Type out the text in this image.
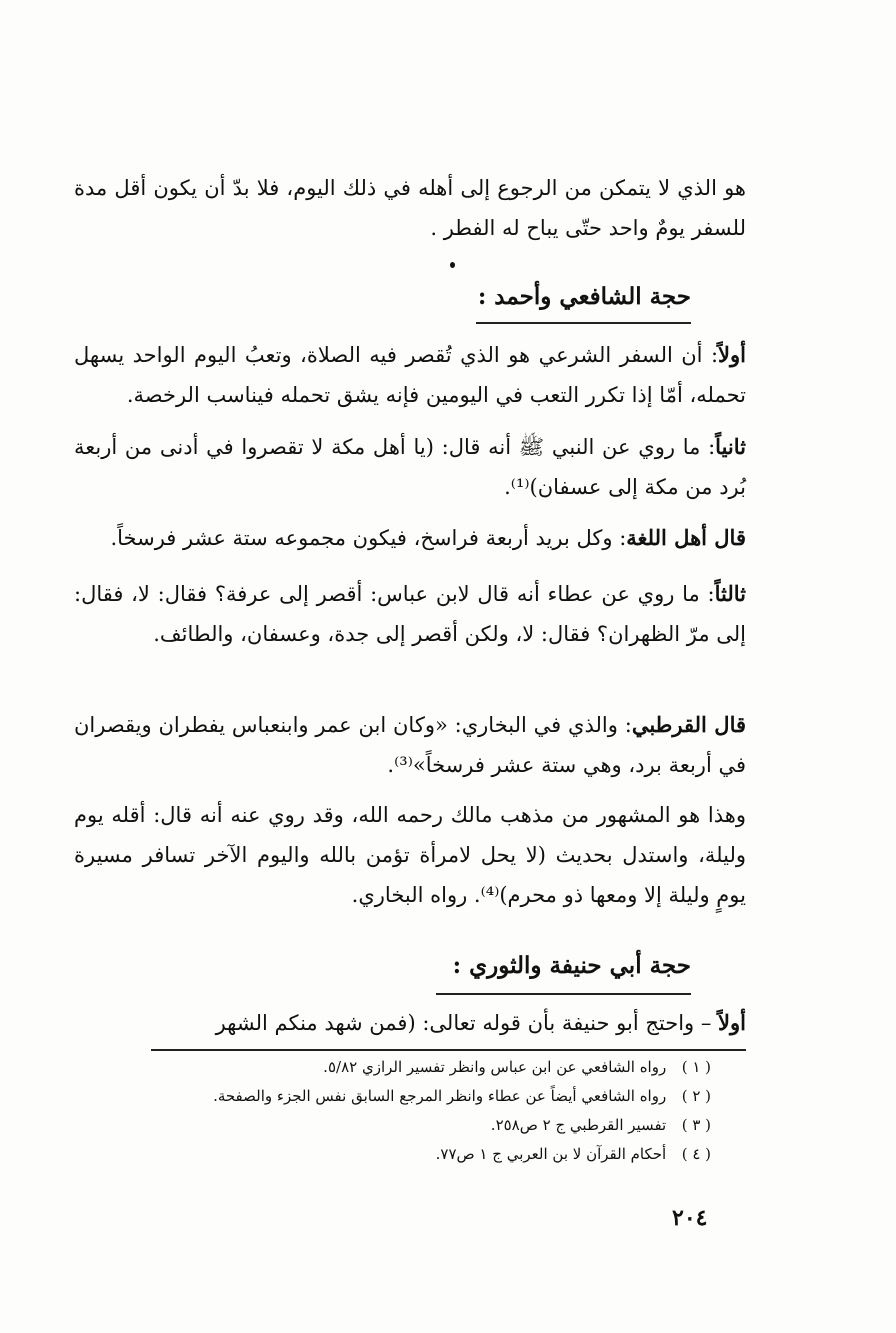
هو الذي لا يتمكن من الرجوع إلى أهله في ذلك اليوم، فلا بدّ أن يكون أقل مدة للسفر يومٌ واحد حتّى يباح له الفطر .

حجة الشافعي وأحمد :

أولاً: أن السفر الشرعي هو الذي تُقصر فيه الصلاة، وتعبُ اليوم الواحد يسهل تحمله، أمّا إذا تكرر التعب في اليومين فإنه يشق تحمله فيناسب الرخصة.

ثانياً: ما روي عن النبي ﷺ أنه قال: (يا أهل مكة لا تقصروا في أدنى من أربعة بُرد من مكة إلى عسفان)⁽¹⁾.

قال أهل اللغة: وكل بريد أربعة فراسخ، فيكون مجموعه ستة عشر فرسخاً.

ثالثاً: ما روي عن عطاء أنه قال لابن عباس: أقصر إلى عرفة؟ فقال: لا، فقال: إلى مرّ الظهران؟ فقال: لا، ولكن أقصر إلى جدة، وعسفان، والطائف.

قال القرطبي: والذي في البخاري: «وكان ابن عمر وابنعباس يفطران ويقصران في أربعة برد، وهي ستة عشر فرسخاً»⁽³⁾.

وهذا هو المشهور من مذهب مالك رحمه الله، وقد روي عنه أنه قال: أقله يوم وليلة، واستدل بحديث (لا يحل لامرأة تؤمن بالله واليوم الآخر تسافر مسيرة يومٍ وليلة إلا ومعها ذو محرم)⁽⁴⁾. رواه البخاري.

حجة أبي حنيفة والثوري :

أولاً – واحتج أبو حنيفة بأن قوله تعالى: (فمن شهد منكم الشهر

( ١ ) رواه الشافعي عن ابن عباس وانظر تفسير الرازي ٥/٨٢.
( ٢ ) رواه الشافعي أيضاً عن عطاء وانظر المرجع السابق نفس الجزء والصفحة.
( ٣ ) تفسير القرطبي ج ٢ ص٢٥٨.
( ٤ ) أحكام القرآن لا بن العربي ج ١ ص٧٧.
٢٠٤
